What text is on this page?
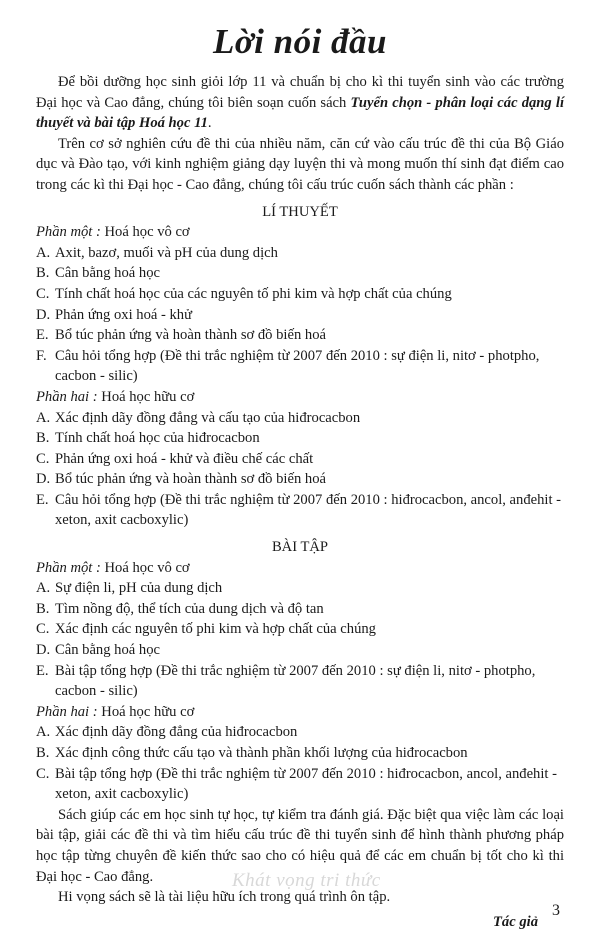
Lời nói đầu

Để bồi dưỡng học sinh giỏi lớp 11 và chuẩn bị cho kì thi tuyển sinh vào các trường Đại học và Cao đẳng, chúng tôi biên soạn cuốn sách Tuyển chọn - phân loại các dạng lí thuyết và bài tập Hoá học 11.

Trên cơ sở nghiên cứu đề thi của nhiều năm, căn cứ vào cấu trúc đề thi của Bộ Giáo dục và Đào tạo, với kinh nghiệm giảng dạy luyện thi và mong muốn thí sinh đạt điểm cao trong các kì thi Đại học - Cao đẳng, chúng tôi cấu trúc cuốn sách thành các phần :

LÍ THUYẾT

Phần một : Hoá học vô cơ

A. Axit, bazơ, muối và pH của dung dịch
B. Cân bằng hoá học
C. Tính chất hoá học của các nguyên tố phi kim và hợp chất của chúng
D. Phản ứng oxi hoá - khử
E. Bổ túc phản ứng và hoàn thành sơ đồ biến hoá
F. Câu hỏi tổng hợp (Đề thi trắc nghiệm từ 2007 đến 2010 : sự điện li, nitơ - photpho, cacbon - silic)

Phần hai : Hoá học hữu cơ

A. Xác định dãy đồng đẳng và cấu tạo của hiđrocacbon
B. Tính chất hoá học của hiđrocacbon
C. Phản ứng oxi hoá - khử và điều chế các chất
D. Bổ túc phản ứng và hoàn thành sơ đồ biến hoá
E. Câu hỏi tổng hợp (Đề thi trắc nghiệm từ 2007 đến 2010 : hiđrocacbon, ancol, anđehit - xeton, axit cacboxylic)

BÀI TẬP

Phần một : Hoá học vô cơ

A. Sự điện li, pH của dung dịch
B. Tìm nồng độ, thể tích của dung dịch và độ tan
C. Xác định các nguyên tố phi kim và hợp chất của chúng
D. Cân bằng hoá học
E. Bài tập tổng hợp (Đề thi trắc nghiệm từ 2007 đến 2010 : sự điện li, nitơ - photpho, cacbon - silic)

Phần hai : Hoá học hữu cơ

A. Xác định dãy đồng đẳng của hiđrocacbon
B. Xác định công thức cấu tạo và thành phần khối lượng của hiđrocacbon
C. Bài tập tổng hợp (Đề thi trắc nghiệm từ 2007 đến 2010 : hiđrocacbon, ancol, anđehit - xeton, axit cacboxylic)

Sách giúp các em học sinh tự học, tự kiểm tra đánh giá. Đặc biệt qua việc làm các loại bài tập, giải các đề thi và tìm hiểu cấu trúc đề thi tuyển sinh để hình thành phương pháp học tập từng chuyên đề kiến thức sao cho có hiệu quả để các em chuẩn bị tốt cho kì thi Đại học - Cao đẳng.

Hi vọng sách sẽ là tài liệu hữu ích trong quá trình ôn tập.

Tác giả

Khát vọng tri thức
3
